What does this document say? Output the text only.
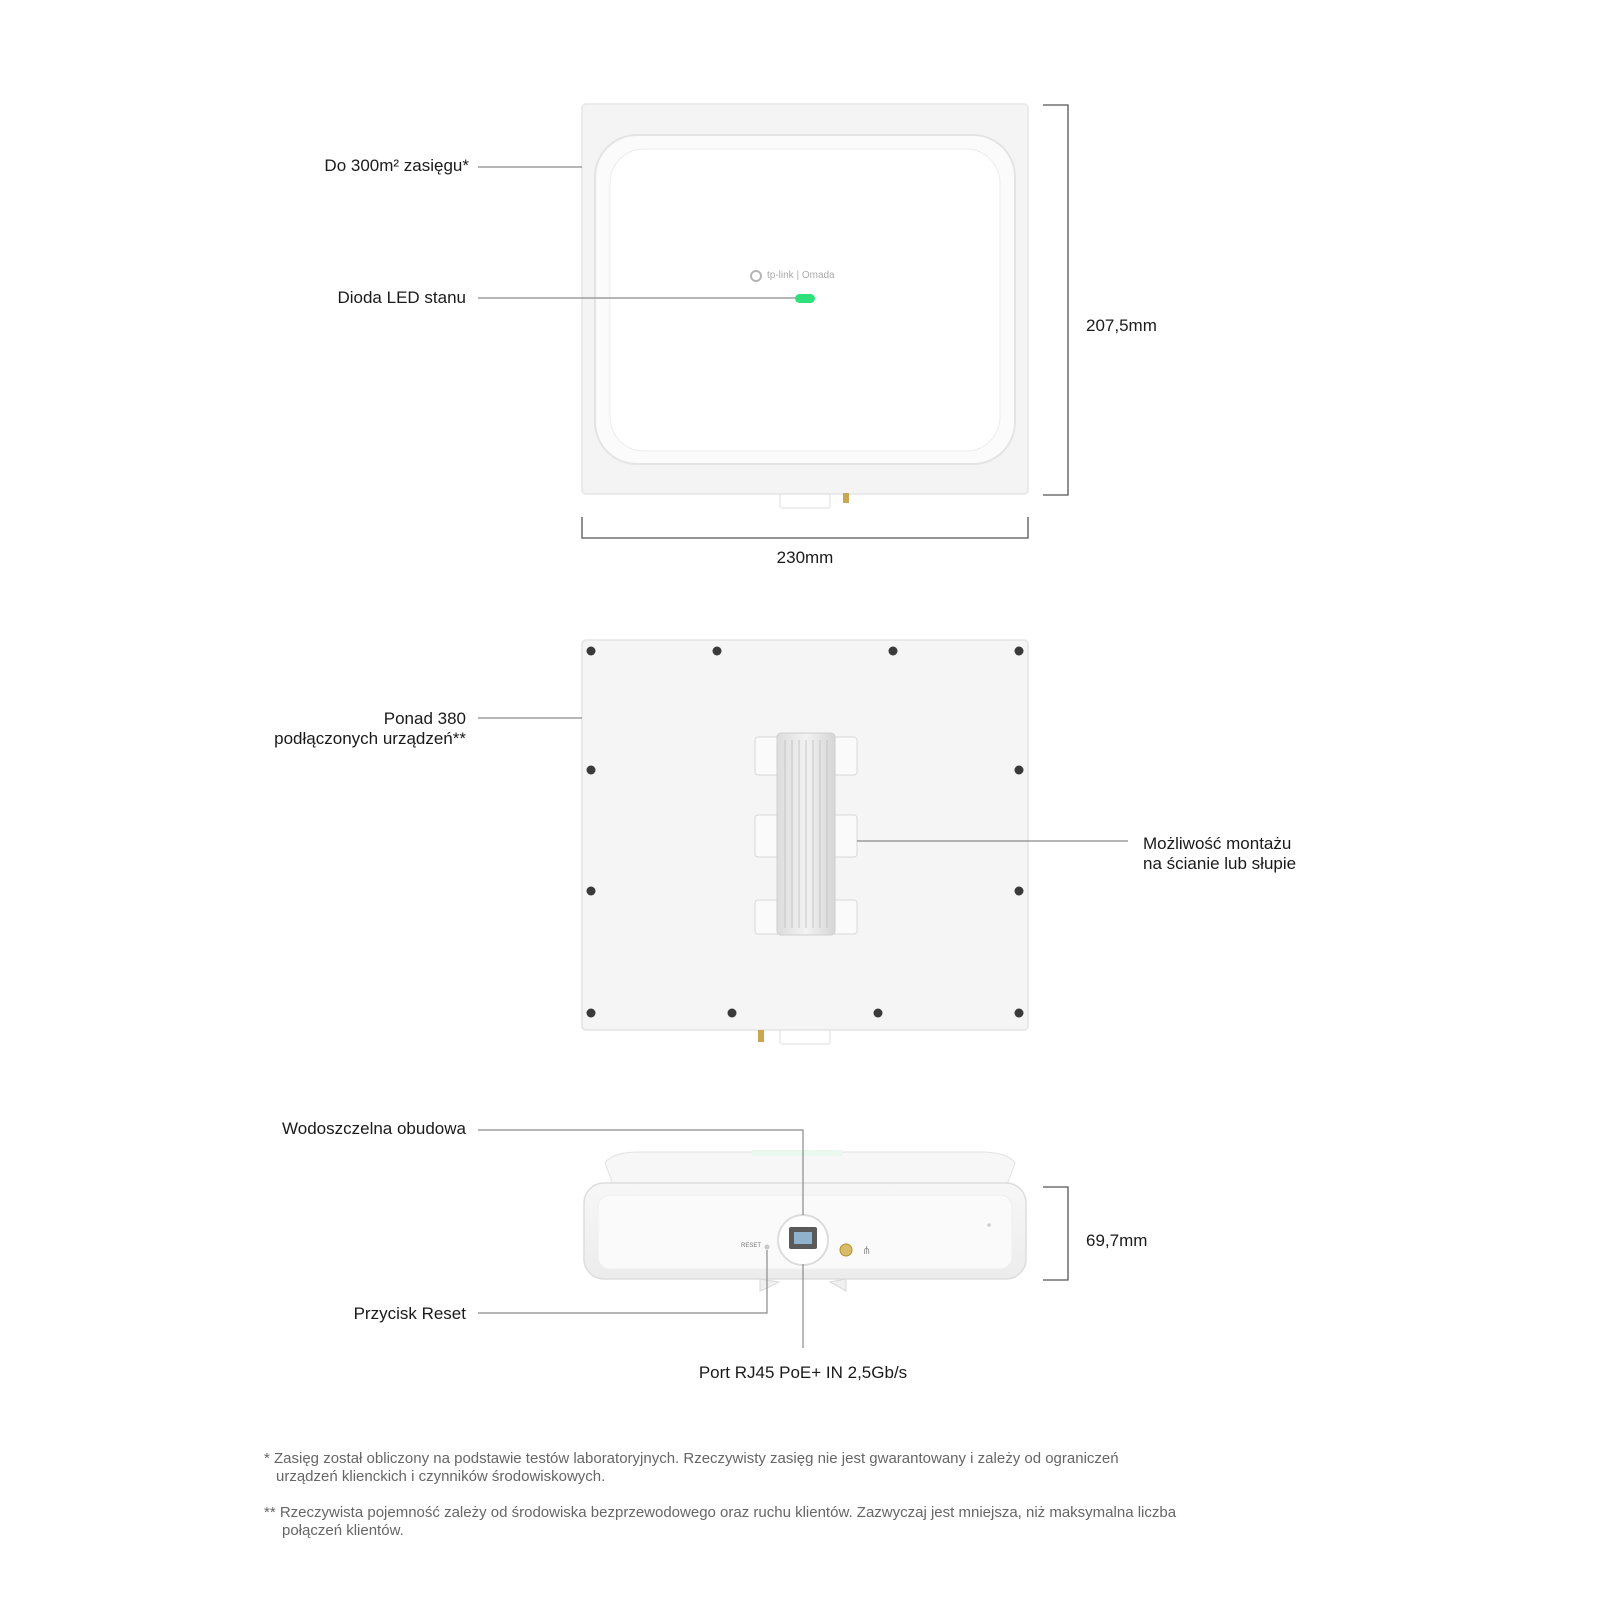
⋔
tp-link | Omada
RESET
Do 300m² zasięgu*
Dioda LED stanu
207,5mm
230mm
Ponad 380
podłączonych urządzeń**
Możliwość montażu
na ścianie lub słupie
Wodoszczelna obudowa
69,7mm
Przycisk Reset
Port RJ45 PoE+ IN 2,5Gb/s
* Zasięg został obliczony na podstawie testów laboratoryjnych. Rzeczywisty zasięg nie jest gwarantowany i zależy od ograniczeń
urządzeń klienckich i czynników środowiskowych.
** Rzeczywista pojemność zależy od środowiska bezprzewodowego oraz ruchu klientów. Zazwyczaj jest mniejsza, niż maksymalna liczba
połączeń klientów.
